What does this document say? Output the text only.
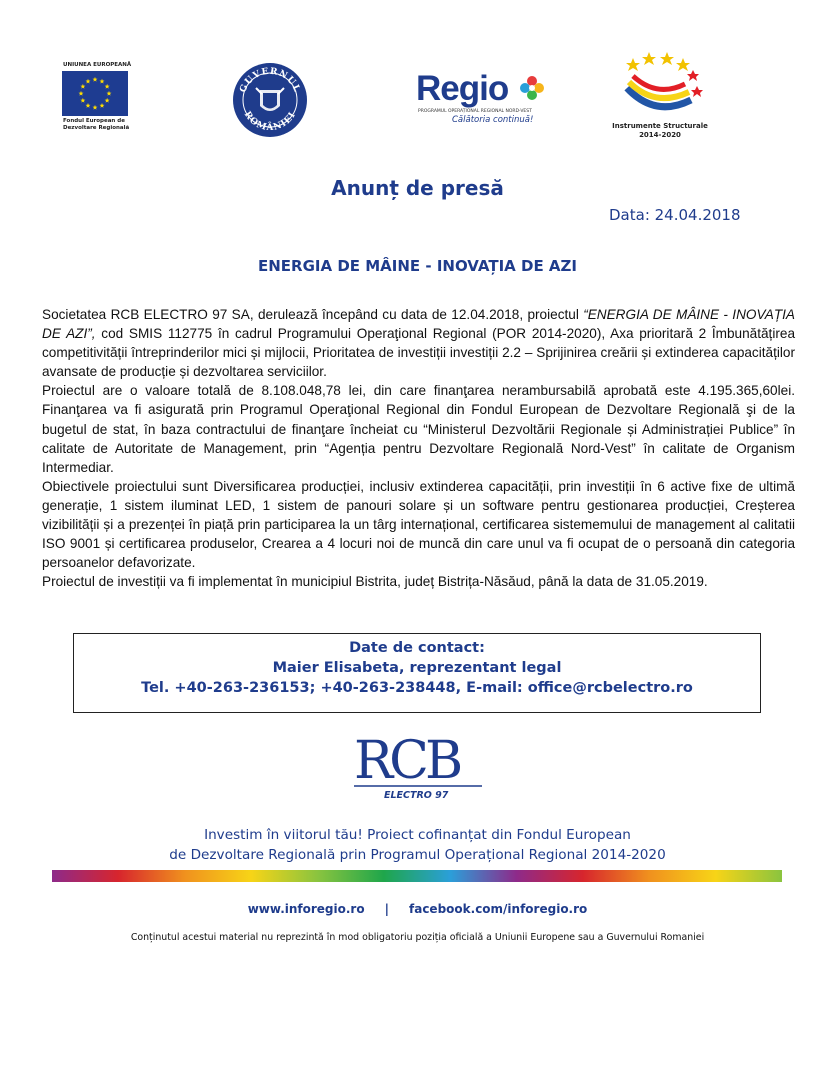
UNIUNEA EUROPEANĂ
Fondul European de
Dezvoltare Regională
GUVERNUL
ROMÂNIEI
Regio
PROGRAMUL OPERAȚIONAL REGIONAL NORD-VEST
Călătoria continuă!
Instrumente Structurale
2014-2020
Anunț de presă
Data: 24.04.2018
ENERGIA DE MÂINE - INOVAȚIA DE AZI

Societatea RCB ELECTRO 97 SA, derulează începând cu data de 12.04.2018, proiectul “ENERGIA DE MÂINE - INOVAȚIA DE AZI”, cod SMIS 112775 în cadrul Programului Operaţional Regional (POR 2014-2020), Axa prioritară 2 Îmbunătățirea competitivității întreprinderilor mici și mijlocii, Prioritatea de investiții investiții 2.2 – Sprijinirea creării și extinderea capacităților avansate de producție și dezvoltarea serviciilor.

Proiectul are o valoare totală de 8.108.048,78 lei, din care finanţarea nerambursabilă aprobată este 4.195.365,60lei. Finanţarea va fi asigurată prin Programul Operaţional Regional din Fondul European de Dezvoltare Regională şi de la bugetul de stat, în baza contractului de finanţare încheiat cu “Ministerul Dezvoltării Regionale și Administrației Publice” în calitate de Autoritate de Management, prin “Agenția pentru Dezvoltare Regională Nord-Vest” în calitate de Organism Intermediar.

Obiectivele proiectului sunt Diversificarea producției, inclusiv extinderea capacității, prin investiții în 6 active fixe de ultimă generație, 1 sistem iluminat LED, 1 sistem de panouri solare și un software pentru gestionarea producției, Creșterea vizibilității și a prezenței în piață prin participarea la un târg internațional, certificarea sistememului de management al calitatii ISO 9001 și certificarea produselor, Crearea a 4 locuri noi de muncă din care unul va fi ocupat de o persoană din categoria persoanelor defavorizate.

Proiectul de investiții va fi implementat în municipiul Bistrita, județ Bistrița-Năsăud, până la data de 31.05.2019.

Date de contact:
Maier Elisabeta, reprezentant legal
Tel. +40-263-236153; +40-263-238448, E-mail: office@rcbelectro.ro
RCB
ELECTRO 97
Investim în viitorul tău! Proiect cofinanțat din Fondul European
de Dezvoltare Regională prin Programul Operațional Regional 2014-2020
www.inforegio.ro | facebook.com/inforegio.ro
Conținutul acestui material nu reprezintă în mod obligatoriu poziția oficială a Uniunii Europene sau a Guvernului Romaniei
